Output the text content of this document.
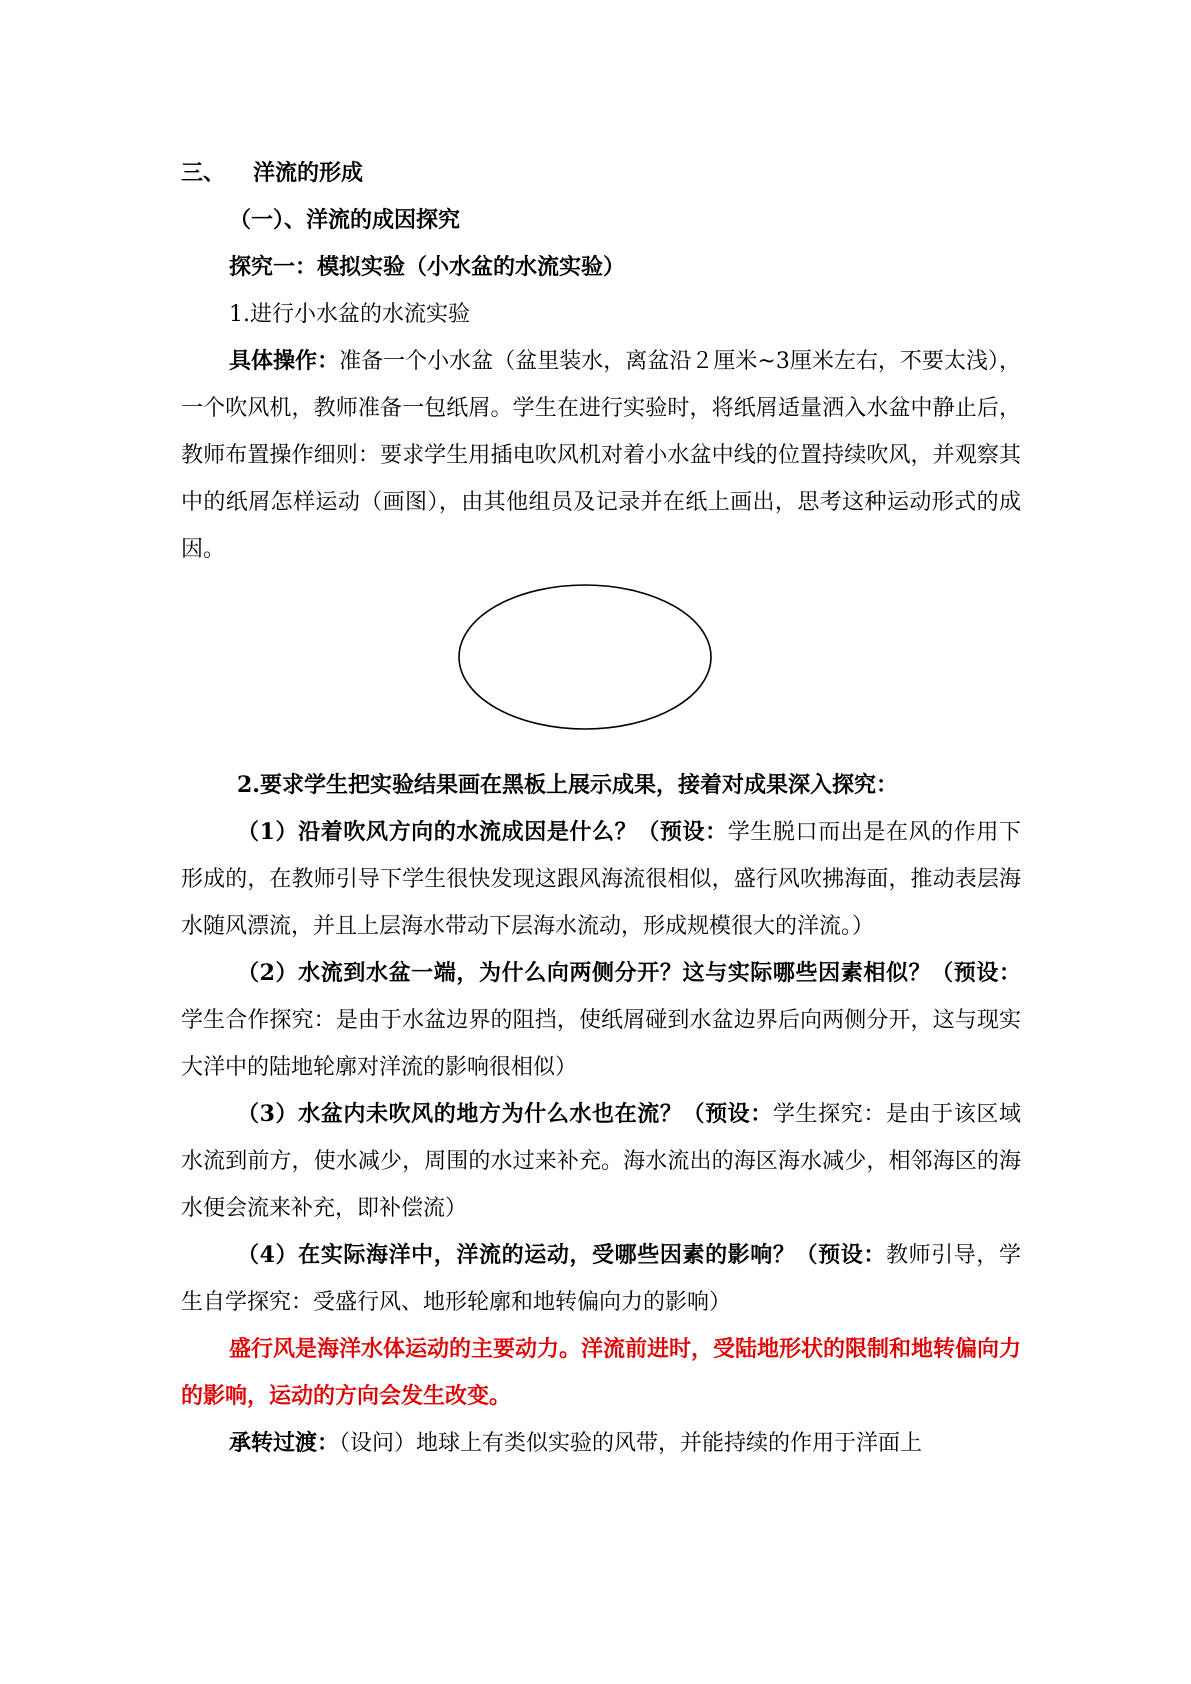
三、 洋流的形成
（一）、洋流的成因探究
探究一：模拟实验（小水盆的水流实验）
1.进行小水盆的水流实验
具体操作：准备一个小水盆（盆里装水，离盆沿２厘米~3厘米左右，不要太浅），一个吹风机，教师准备一包纸屑。学生在进行实验时，将纸屑适量洒入水盆中静止后，教师布置操作细则：要求学生用插电吹风机对着小水盆中线的位置持续吹风，并观察其中的纸屑怎样运动（画图），由其他组员及记录并在纸上画出，思考这种运动形式的成因。
2.要求学生把实验结果画在黑板上展示成果，接着对成果深入探究：
（1）沿着吹风方向的水流成因是什么？（预设：学生脱口而出是在风的作用下形成的，在教师引导下学生很快发现这跟风海流很相似，盛行风吹拂海面，推动表层海水随风漂流，并且上层海水带动下层海水流动，形成规模很大的洋流。）
（2）水流到水盆一端，为什么向两侧分开？这与实际哪些因素相似？（预设：学生合作探究：是由于水盆边界的阻挡，使纸屑碰到水盆边界后向两侧分开，这与现实大洋中的陆地轮廓对洋流的影响很相似）
（3）水盆内未吹风的地方为什么水也在流？（预设：学生探究：是由于该区域水流到前方，使水减少，周围的水过来补充。海水流出的海区海水减少，相邻海区的海水便会流来补充，即补偿流）
（4）在实际海洋中，洋流的运动，受哪些因素的影响？（预设：教师引导，学生自学探究：受盛行风、地形轮廓和地转偏向力的影响）
盛行风是海洋水体运动的主要动力。洋流前进时，受陆地形状的限制和地转偏向力的影响，运动的方向会发生改变。
承转过渡：（设问）地球上有类似实验的风带，并能持续的作用于洋面上
